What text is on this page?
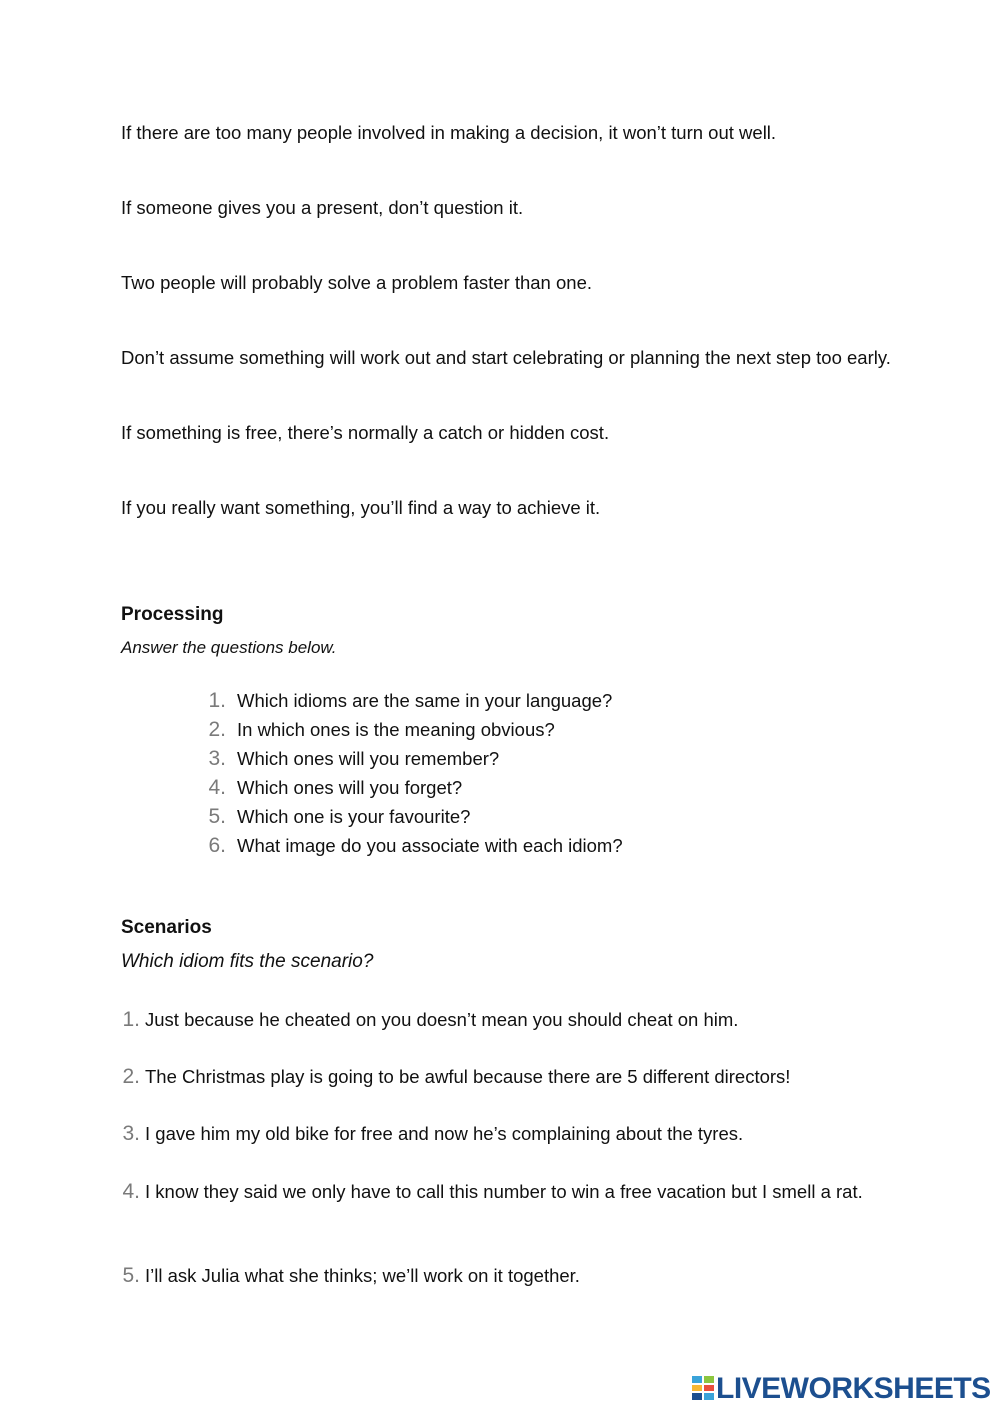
If there are too many people involved in making a decision, it won’t turn out well.

If someone gives you a present, don’t question it.

Two people will probably solve a problem faster than one.

Don’t assume something will work out and start celebrating or planning the next step too early.

If something is free, there’s normally a catch or hidden cost.

If you really want something, you’ll find a way to achieve it.

Processing

Answer the questions below.

1. Which idioms are the same in your language?
2. In which ones is the meaning obvious?
3. Which ones will you remember?
4. Which ones will you forget?
5. Which one is your favourite?
6. What image do you associate with each idiom?
Scenarios

Which idiom fits the scenario?

1. Just because he cheated on you doesn’t mean you should cheat on him.
2. The Christmas play is going to be awful because there are 5 different directors!
3. I gave him my old bike for free and now he’s complaining about the tyres.
4. I know they said we only have to call this number to win a free vacation but I smell a rat.
5. I’ll ask Julia what she thinks; we’ll work on it together.
LIVEWORKSHEETS
